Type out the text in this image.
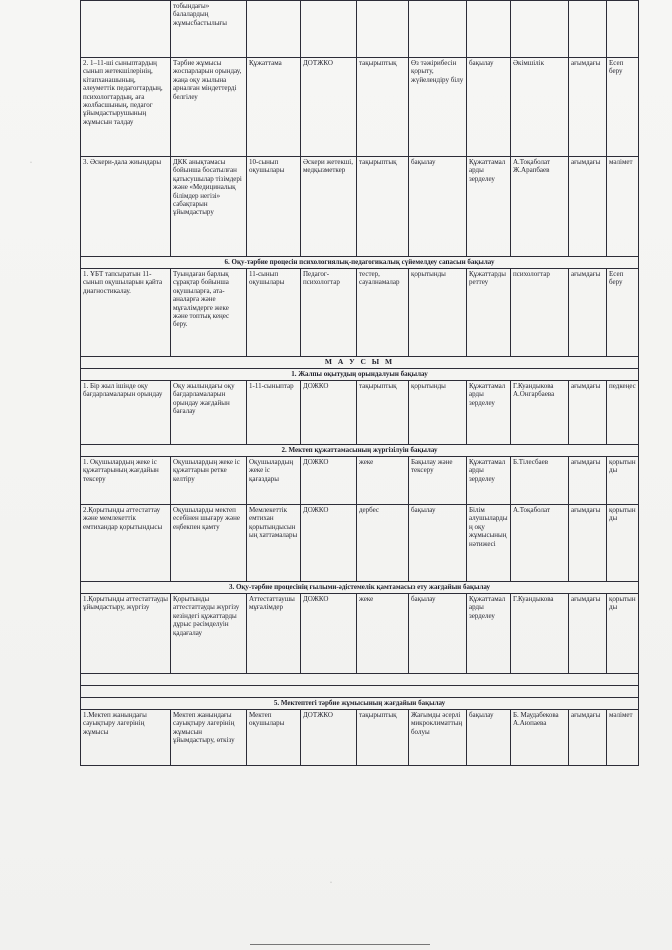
	тобындағы» балалардың жұмысбастылығы								
2. 1–11-ші сыныптардың сынып жетекшілерінің, кітапханашының, әлеуметтік педагогтардың, психологтардың, аға жолбасшының, педагог ұйымдастырушының жұмысын талдау	Тәрбие жұмысы жоспарларын орындау, жаңа оқу жылына арналған міндеттерді белгілеу	Құжаттама	ДОТЖКО	тақырыптық	Өз тәжірибесін қорыту, жүйелендіру білу	бақылау	Әкімшілік	ағымдағы	Есеп беру
3. Әскери-дала жиындары	ДКК анықтамасы бойынша босатылған қатысушылар тізімдері және «Медициналық білімдер негізі» сабақтарын ұйымдастыру	10-сынып оқушылары	Әскери жетекші, медқызметкер	тақырыптық	бақылау	Құжаттамаларды зерделеу	А.Тоқаболат Ж.Арапбаев	ағымдағы	мәлімет
6. Оқу-тәрбие процесін психологиялық-педагогикалық сүйемелдеу сапасын бақылау									
1. ҰБТ тапсыратын 11-сынып оқушыларын қайта диагностикалау.	Туындаған барлық сұрақтар бойынша оқушыларға, ата-аналарға және мұғалімдерге жеке және топтық кеңес беру.	11-сынып оқушылары	Педагог-психологтар	тестер, сауалнамалар	қорытынды	Құжаттарды реттеу	психологтар	ағымдағы	Есеп беру
М А У С Ы М									
1. Жалпы оқытудың орындалуын бақылау									
1. Бір жыл ішінде оқу бағдарламаларын орындау	Оқу жылындағы оқу бағдарламаларын орындау жағдайын бағалау	1-11-сыныптар	ДОЖКО	тақырыптық	қорытынды	Құжаттамаларды зерделеу	Г.Куандыкова А.Онгарбаева	ағымдағы	педкеңес
2. Мектеп құжаттамасының жүргізілуін бақылау									
1. Оқушылардың жеке іс құжаттарының жағдайын тексеру	Оқушылардың жеке іс құжаттарын ретке келтіру	Оқушылардың жеке іс қағаздары	ДОЖКО	жеке	Бақылау және тексеру	Құжаттамаларды зерделеу	Б.Тілесбаев	ағымдағы	қорытынды
2.Қорытынды аттестаттау және мемлекеттік емтихандар қорытындысы	Оқушыларды мектеп есебінен шығару және еңбекпен қамту	Мемлекеттік емтихан қорытындысының хаттамалары	ДОЖКО	дербес	бақылау	Білім алушылардың оқу жұмысының нәтижесі	А.Тоқаболат	ағымдағы	қорытынды
3. Оқу-тәрбие процесінің ғылыми-әдістемелік қамтамасыз ету жағдайын бақылау									
1.Қорытынды аттестаттауды ұйымдастыру, жүргізу	Қорытынды аттестаттауды жүргізу кезіндегі құжаттарды дұрыс рәсімделуін қадағалау	Аттестаттаушы мұғалімдер	ДОЖКО	жеке	бақылау	Құжаттамаларды зерделеу	Г.Куандыкова	ағымдағы	қорытынды

5. Мектептегі тәрбие жұмысының жағдайын бақылау									
1.Мектеп жанындағы сауықтыру лагерінің жұмысы	Мектеп жанындағы сауықтыру лагерінің жұмысын ұйымдастыру, өткізу	Мектеп оқушылары	ДОТЖКО	тақырыптық	Жағымды әсерлі микроклиматтың болуы	бақылау	Б. Маудабекова А.Аюпаева	ағымдағы	мәлімет
·
·
